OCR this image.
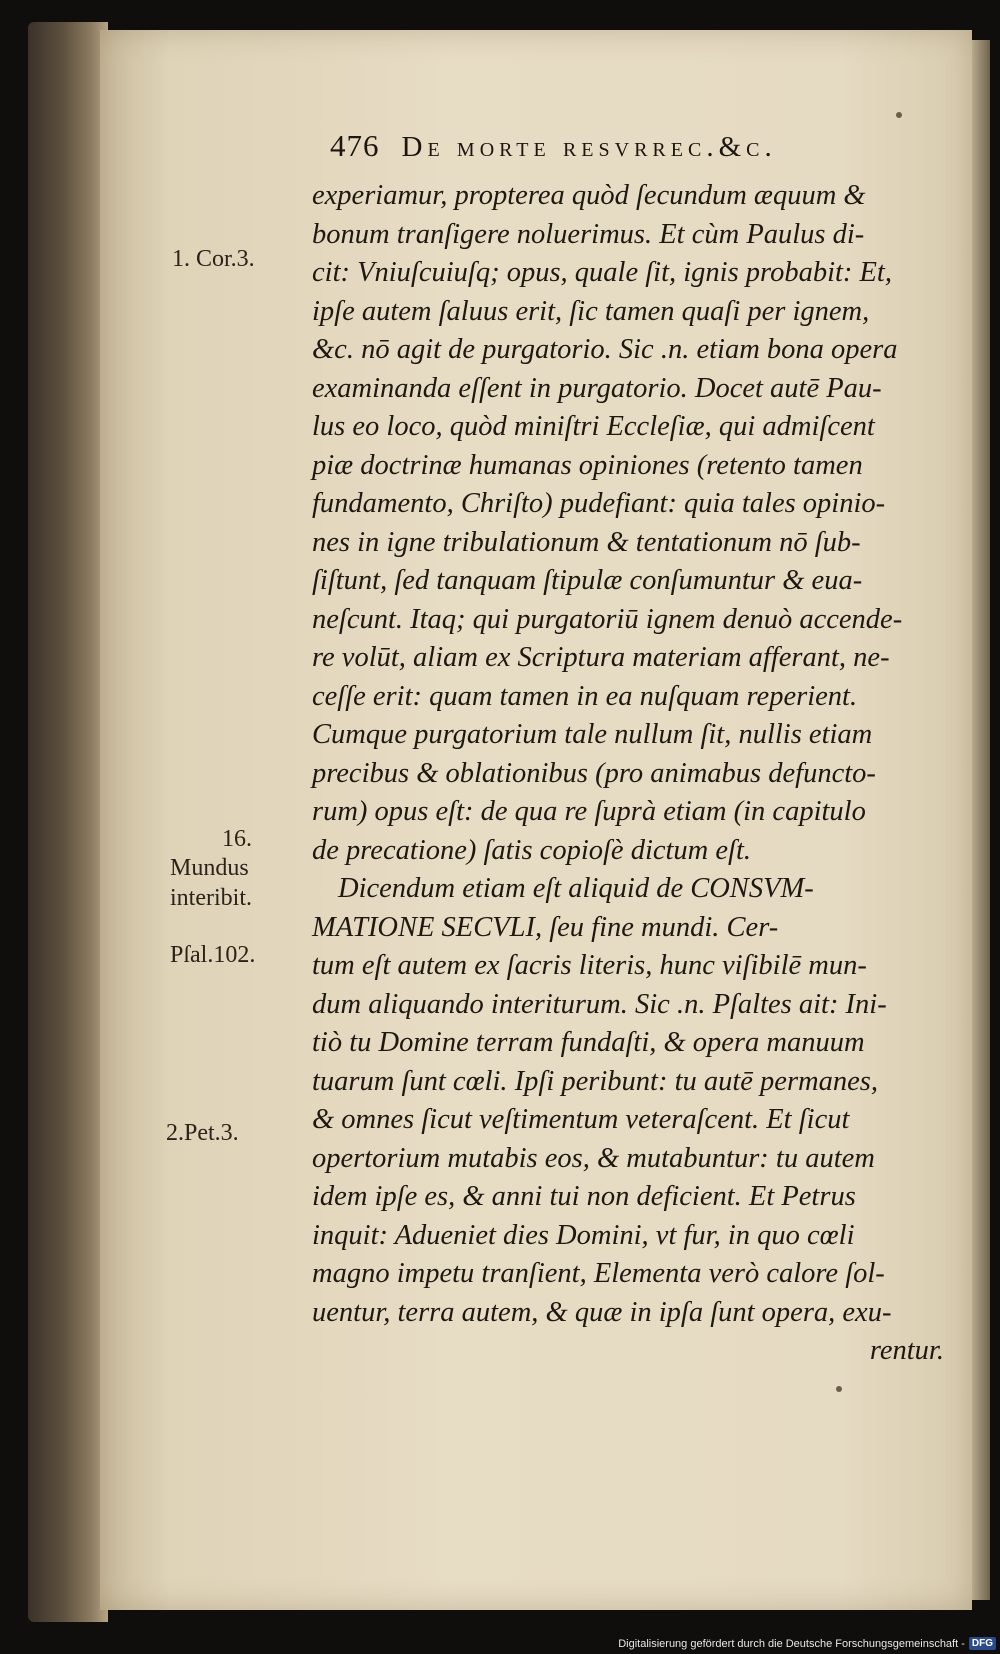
476 De morte resvrrec.&c.
1. Cor.3.
16.
Mundus
interibit.
Pſal.102.
2.Pet.3.
experiamur, propterea quòd ſecundum æquum &
bonum tranſigere noluerimus. Et cùm Paulus di-
cit: Vniuſcuiuſq; opus, quale ſit, ignis probabit: Et,
ipſe autem ſaluus erit, ſic tamen quaſi per ignem,
&c. nō agit de purgatorio. Sic .n. etiam bona opera
examinanda eſſent in purgatorio. Docet autē Pau-
lus eo loco, quòd miniſtri Eccleſiæ, qui admiſcent
piæ doctrinæ humanas opiniones (retento tamen
fundamento, Chriſto) pudefiant: quia tales opinio-
nes in igne tribulationum & tentationum nō ſub-
ſiſtunt, ſed tanquam ſtipulæ conſumuntur & eua-
neſcunt. Itaq; qui purgatoriū ignem denuò accende-
re volūt, aliam ex Scriptura materiam afferant, ne-
ceſſe erit: quam tamen in ea nuſquam reperient.
Cumque purgatorium tale nullum ſit, nullis etiam
precibus & oblationibus (pro animabus defuncto-
rum) opus eſt: de qua re ſuprà etiam (in capitulo
de precatione) ſatis copioſè dictum eſt.
Dicendum etiam eſt aliquid de CONSVM-
MATIONE SECVLI, ſeu fine mundi. Cer-
tum eſt autem ex ſacris literis, hunc viſibilē mun-
dum aliquando interiturum. Sic .n. Pſaltes ait: Ini-
tiò tu Domine terram fundaſti, & opera manuum
tuarum ſunt cœli. Ipſi peribunt: tu autē permanes,
& omnes ſicut veſtimentum veteraſcent. Et ſicut
opertorium mutabis eos, & mutabuntur: tu autem
idem ipſe es, & anni tui non deficient. Et Petrus
inquit: Adueniet dies Domini, vt fur, in quo cœli
magno impetu tranſient, Elementa verò calore ſol-
uentur, terra autem, & quæ in ipſa ſunt opera, exu-
rentur.
Digitalisierung gefördert durch die Deutsche Forschungsgemeinschaft - DFG
